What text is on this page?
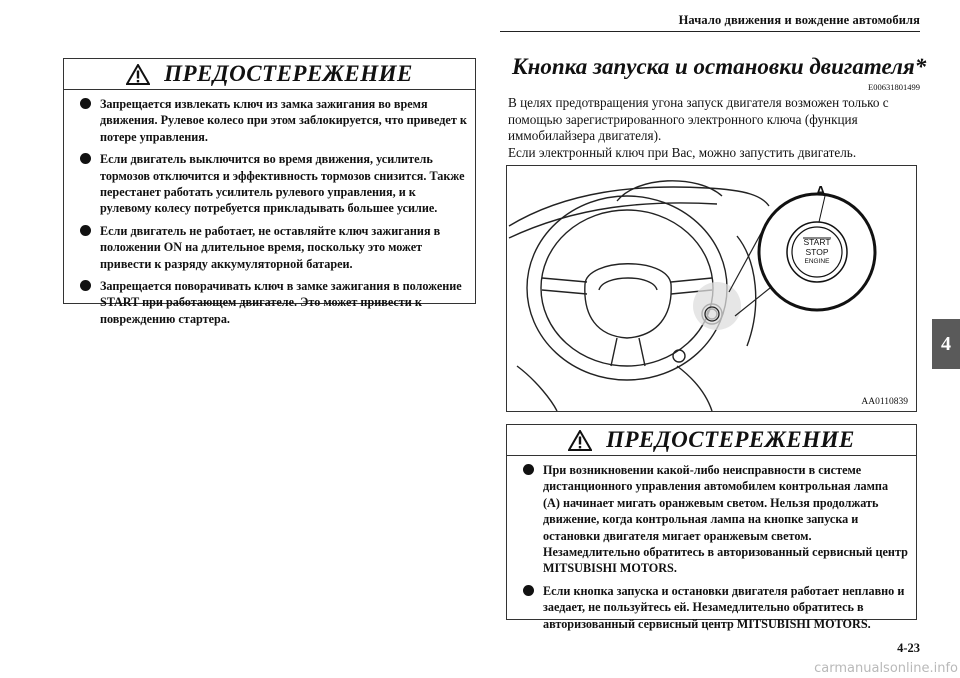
Начало движения и вождение автомобиля
ПРЕДОСТЕРЕЖЕНИЕ
Запрещается извлекать ключ из замка зажигания во время движения. Рулевое колесо при этом заблокируется, что приведет к потере управления.
Если двигатель выключится во время движения, усилитель тормозов отключится и эффективность тормозов снизится. Также перестанет работать усилитель рулевого управления, и к рулевому колесу потребуется прикладывать большее усилие.
Если двигатель не работает, не оставляйте ключ зажигания в положении ON на длительное время, поскольку это может привести к разряду аккумуляторной батареи.
Запрещается поворачивать ключ в замке зажигания в положение START при работающем двигателе. Это может привести к повреждению стартера.
Кнопка запуска и остановки двигателя*
E00631801499

В целях предотвращения угона запуск двигателя возможен только с помощью зарегистрированного электронного ключа (функция иммобилайзера двигателя).

Если электронный ключ при Вас, можно запустить двигатель.

A
START
STOP
ENGINE
AA0110839
ПРЕДОСТЕРЕЖЕНИЕ
При возникновении какой-либо неисправности в системе дистанционного управления автомобилем контрольная лампа (A) начинает мигать оранжевым светом. Нельзя продолжать движение, когда контрольная лампа на кнопке запуска и остановки двигателя мигает оранжевым светом. Незамедлительно обратитесь в авторизованный сервисный центр MITSUBISHI MOTORS.
Если кнопка запуска и остановки двигателя работает неплавно и заедает, не пользуйтесь ей. Незамедлительно обратитесь в авторизованный сервисный центр MITSUBISHI MOTORS.
4
4-23
carmanualsonline.info
